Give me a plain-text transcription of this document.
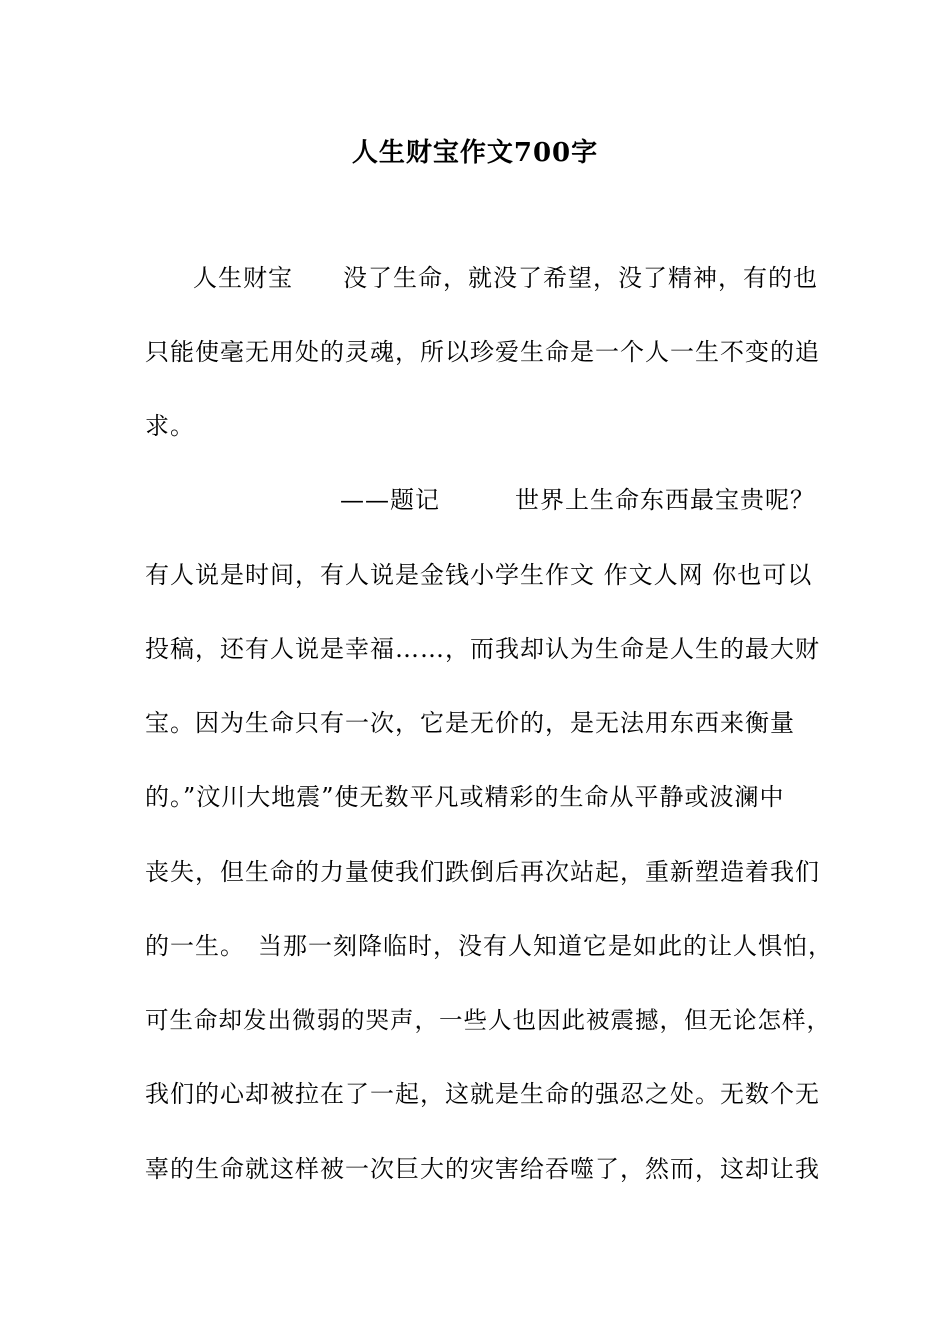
人生财宝作文700字
人生财宝　　没了生命，就没了希望，没了精神，有的也
只能使毫无用处的灵魂，所以珍爱生命是一个人一生不变的追
求。
——题记　　　世界上生命东西最宝贵呢？
有人说是时间，有人说是金钱小学生作文 作文人网 你也可以
投稿，还有人说是幸福……，而我却认为生命是人生的最大财
宝。因为生命只有一次，它是无价的，是无法用东西来衡量
的。”汶川大地震”使无数平凡或精彩的生命从平静或波澜中
丧失，但生命的力量使我们跌倒后再次站起，重新塑造着我们
的一生。　当那一刻降临时，没有人知道它是如此的让人惧怕，
可生命却发出微弱的哭声，一些人也因此被震撼，但无论怎样，
我们的心却被拉在了一起，这就是生命的强忍之处。无数个无
辜的生命就这样被一次巨大的灾害给吞噬了，然而，这却让我
